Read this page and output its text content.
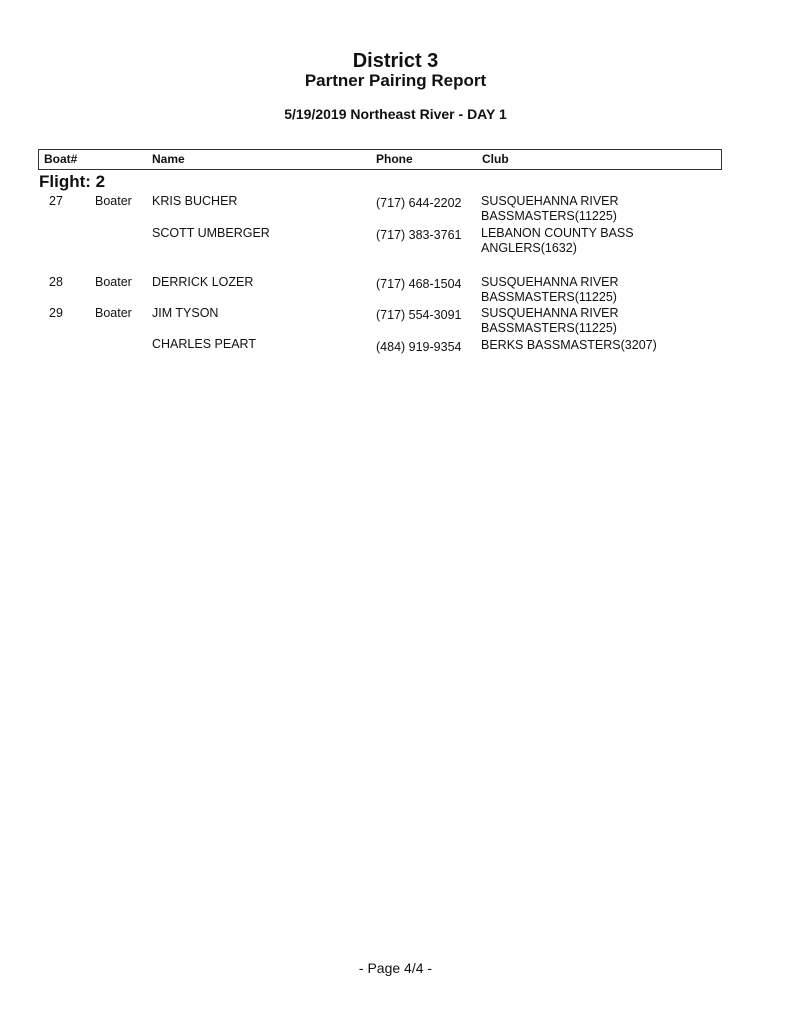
District 3
Partner Pairing Report
5/19/2019 Northeast River - DAY 1
Boat#	Name	Phone	Club
Flight: 2
27	Boater KRIS BUCHER	(717) 644-2202 SUSQUEHANNA RIVER
BASSMASTERS(11225)
SCOTT UMBERGER	(717) 383-3761 LEBANON COUNTY BASS
ANGLERS(1632)
28	Boater DERRICK LOZER	(717) 468-1504 SUSQUEHANNA RIVER
BASSMASTERS(11225)
29	Boater JIM TYSON	(717) 554-3091 SUSQUEHANNA RIVER
BASSMASTERS(11225)
CHARLES PEART	(484) 919-9354 BERKS BASSMASTERS(3207)
- Page 4/4 -
